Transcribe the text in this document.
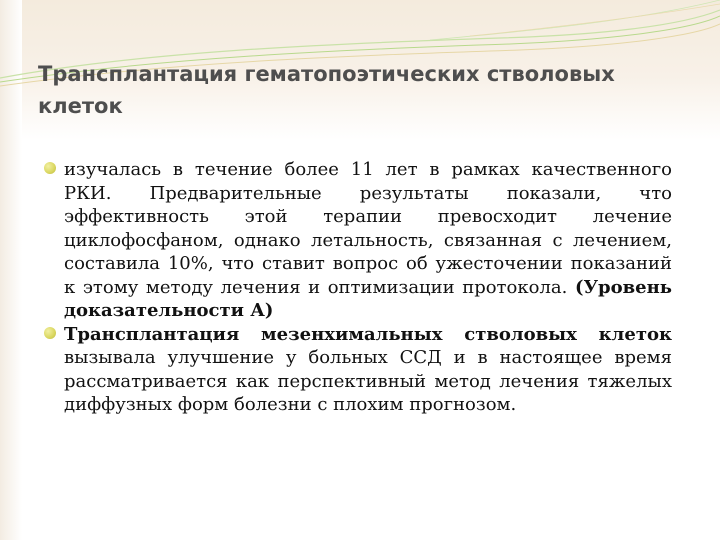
Трансплантация гематопоэтических стволовых клеток

изучалась в течение более 11 лет в рамках качественного РКИ. Предварительные результаты показали, что эффективность этой терапии превосходит лечение циклофосфаном, однако летальность, связанная с лечением, составила 10%, что ставит вопрос об ужесточении показаний к этому методу лечения и оптимизации протокола. (Уровень доказательности А)

Трансплантация мезенхимальных стволовых клеток вызывала улучшение у больных ССД и в настоящее время рассматривается как перспективный метод лечения тяжелых диффузных форм болезни с плохим прогнозом.
